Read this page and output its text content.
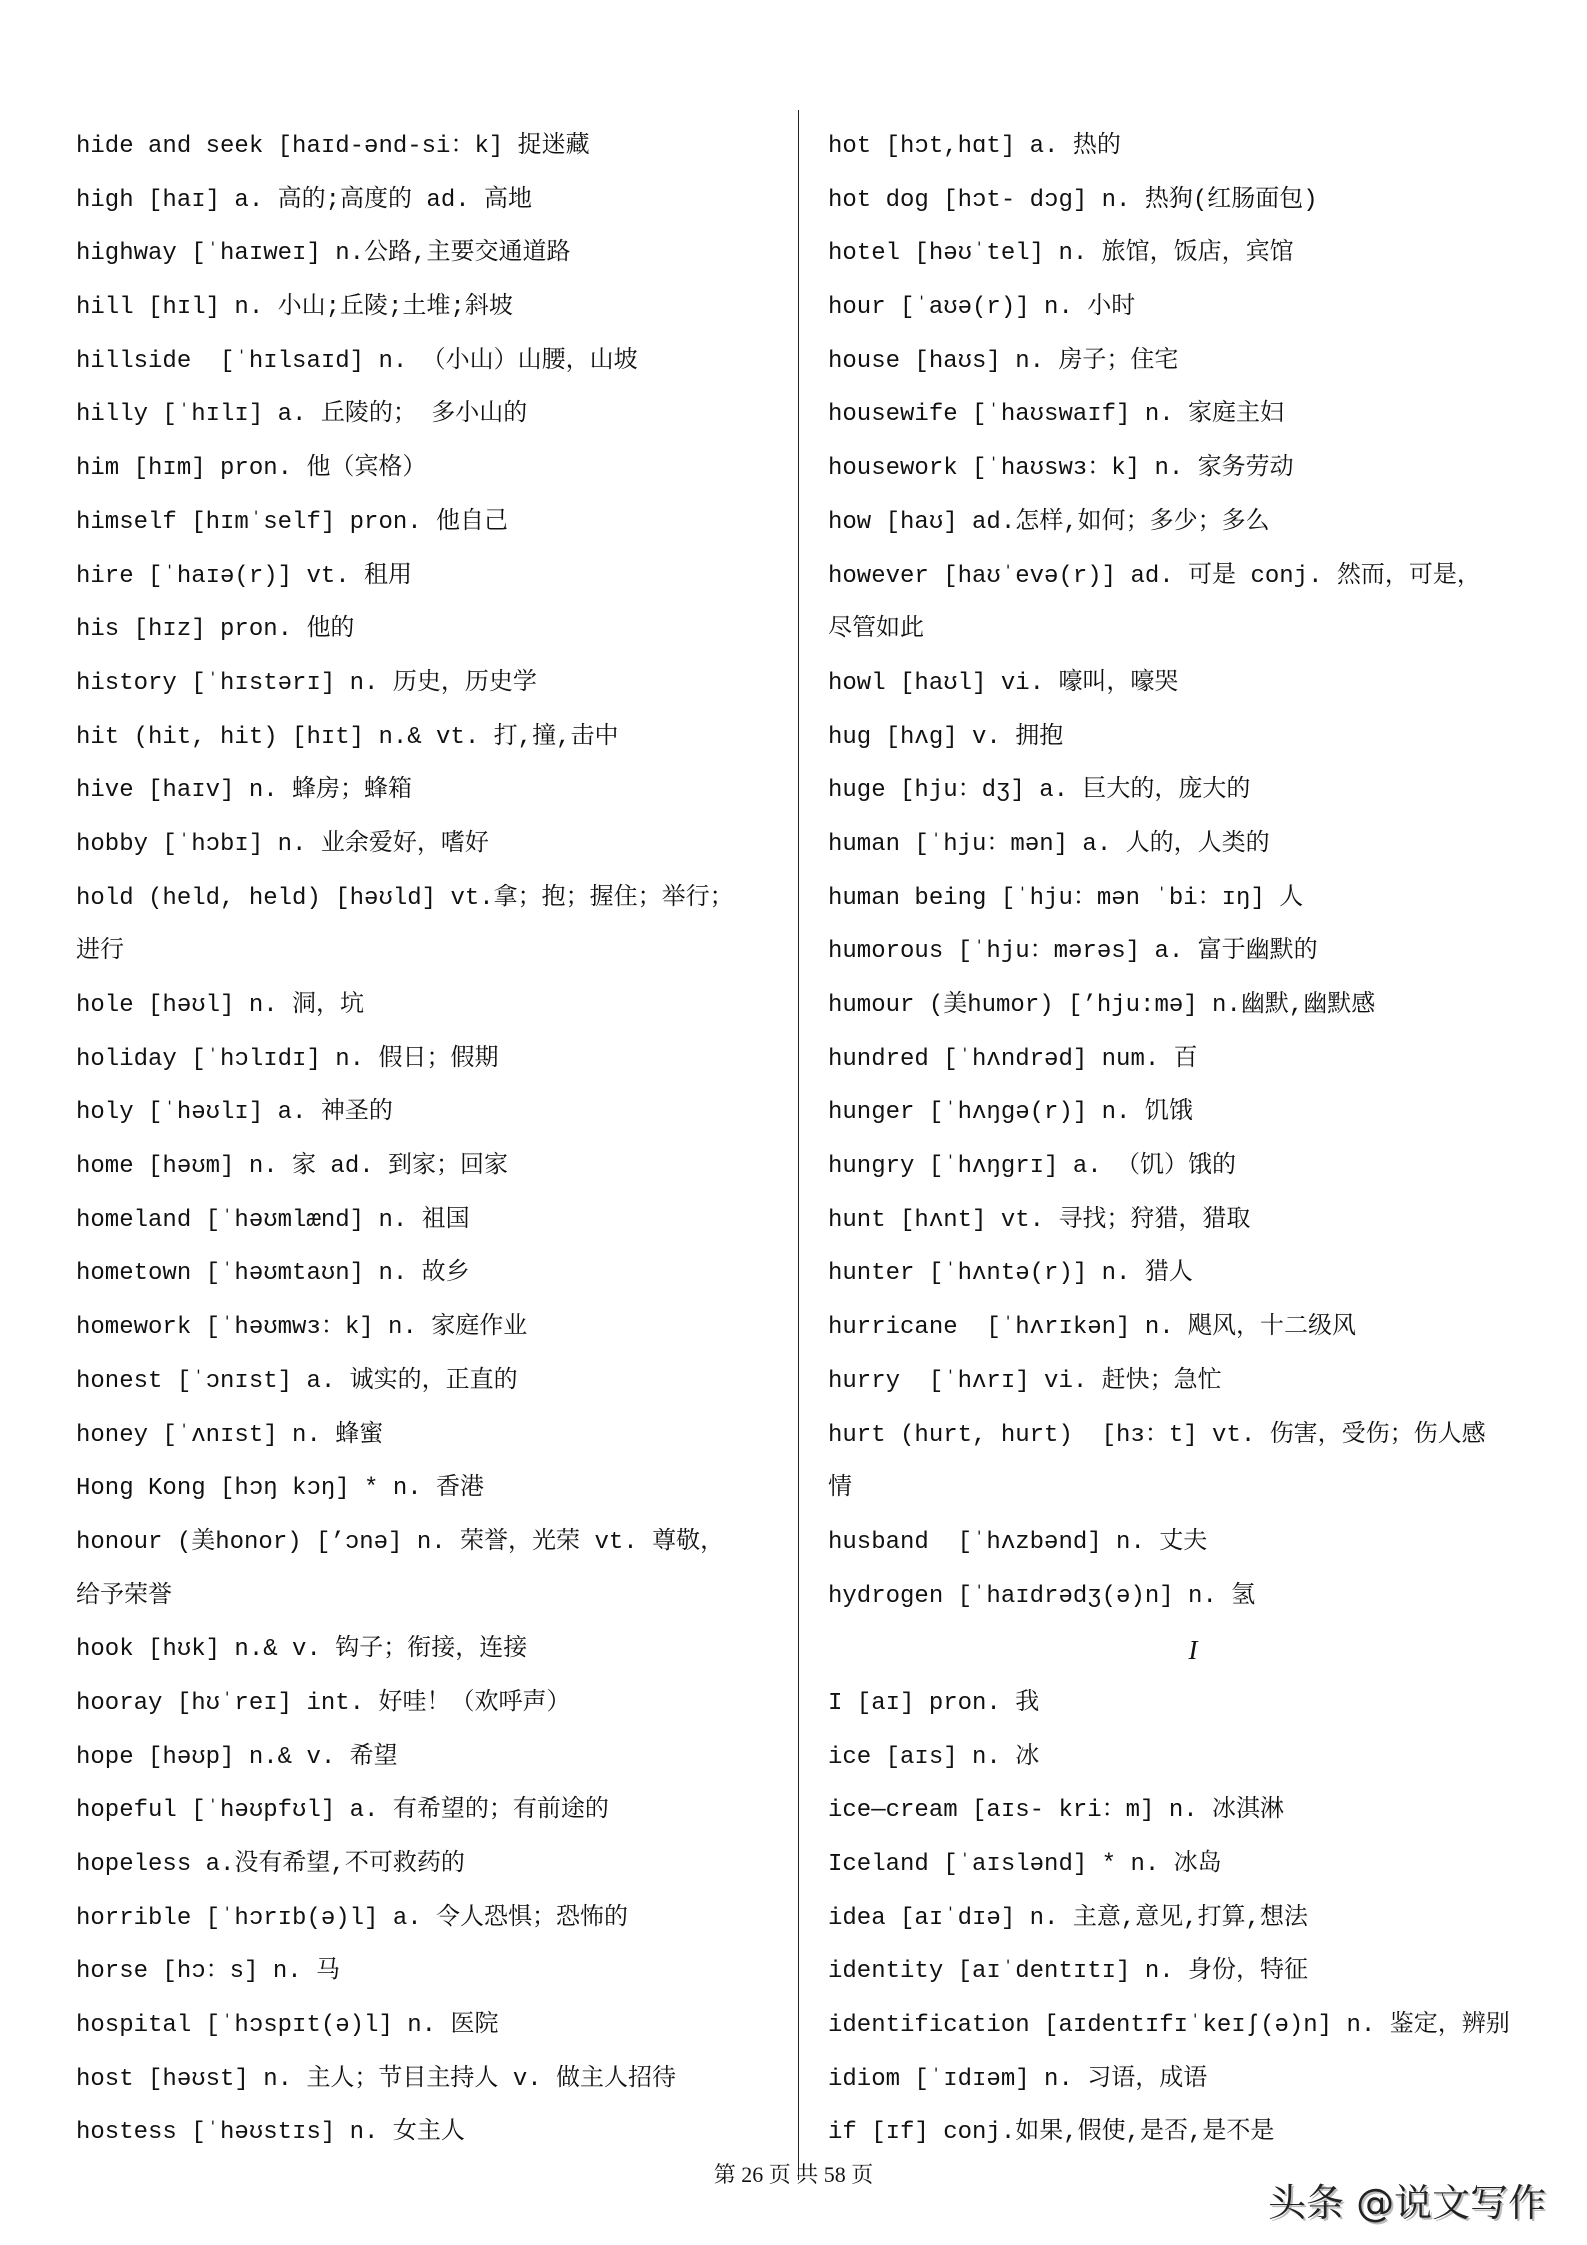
hide and seek [haɪd-ənd-si：k] 捉迷藏
high [haɪ] a. 高的;高度的 ad. 高地
highway [ˈhaɪweɪ] n.公路,主要交通道路
hill [hɪl] n. 小山;丘陵;土堆;斜坡
hillside  [ˈhɪlsaɪd] n. （小山）山腰，山坡
hilly [ˈhɪlɪ] a. 丘陵的； 多小山的
him [hɪm] pron. 他（宾格）
himself [hɪmˈself] pron. 他自己
hire [ˈhaɪə(r)] vt. 租用
his [hɪz] pron. 他的
history [ˈhɪstərɪ] n. 历史，历史学
hit (hit, hit) [hɪt] n.& vt. 打,撞,击中
hive [haɪv] n. 蜂房；蜂箱
hobby [ˈhɔbɪ] n. 业余爱好，嗜好
hold (held, held) [həʊld] vt.拿；抱；握住；举行；
进行
hole [həʊl] n. 洞，坑
holiday [ˈhɔlɪdɪ] n. 假日；假期
holy [ˈhəʊlɪ] a. 神圣的
home [həʊm] n. 家 ad. 到家；回家
homeland [ˈhəʊmlænd] n. 祖国
hometown [ˈhəʊmtaʊn] n. 故乡
homework [ˈhəʊmwɜ：k] n. 家庭作业
honest [ˈɔnɪst] a. 诚实的，正直的
honey [ˈʌnɪst] n. 蜂蜜
Hong Kong [hɔŋ kɔŋ] * n. 香港
honour (美honor) [’ɔnə] n. 荣誉，光荣 vt. 尊敬，
给予荣誉
hook [hʊk] n.& v. 钩子；衔接，连接
hooray [hʊˈreɪ] int. 好哇！（欢呼声）
hope [həʊp] n.& v. 希望
hopeful [ˈhəʊpfʊl] a. 有希望的；有前途的
hopeless a.没有希望,不可救药的
horrible [ˈhɔrɪb(ə)l] a. 令人恐惧；恐怖的
horse [hɔ：s] n. 马
hospital [ˈhɔspɪt(ə)l] n. 医院
host [həʊst] n. 主人；节目主持人 v. 做主人招待
hostess [ˈhəʊstɪs] n. 女主人
hot [hɔt,hɑt] a. 热的
hot dog [hɔt- dɔg] n. 热狗(红肠面包)
hotel [həʊˈtel] n. 旅馆，饭店，宾馆
hour [ˈaʊə(r)] n. 小时
house [haʊs] n. 房子；住宅
housewife [ˈhaʊswaɪf] n. 家庭主妇
housework [ˈhaʊswɜ：k] n. 家务劳动
how [haʊ] ad.怎样,如何；多少；多么
however [haʊˈevə(r)] ad. 可是 conj. 然而，可是，
尽管如此
howl [haʊl] vi. 嚎叫，嚎哭
hug [hʌg] v. 拥抱
huge [hju：dʒ] a. 巨大的，庞大的
human [ˈhju：mən] a. 人的，人类的
human being [ˈhju：mən ˈbi：ɪŋ] 人
humorous [ˈhju：mərəs] a. 富于幽默的
humour (美humor) [’hju:mə] n.幽默,幽默感
hundred [ˈhʌndrəd] num. 百
hunger [ˈhʌŋgə(r)] n. 饥饿
hungry [ˈhʌŋgrɪ] a. （饥）饿的
hunt [hʌnt] vt. 寻找；狩猎，猎取
hunter [ˈhʌntə(r)] n. 猎人
hurricane  [ˈhʌrɪkən] n. 飓风，十二级风
hurry  [ˈhʌrɪ] vi. 赶快；急忙
hurt (hurt, hurt)  [hɜ：t] vt. 伤害，受伤；伤人感
情
husband  [ˈhʌzbənd] n. 丈夫
hydrogen [ˈhaɪdrədʒ(ə)n] n. 氢
I
I [aɪ] pron. 我
ice [aɪs] n. 冰
ice—cream [aɪs- kri：m] n. 冰淇淋
Iceland [ˈaɪslənd] * n. 冰岛
idea [aɪˈdɪə] n. 主意,意见,打算,想法
identity [aɪˈdentɪtɪ] n. 身份，特征
identification [aɪdentɪfɪˈkeɪʃ(ə)n] n. 鉴定，辨别
idiom [ˈɪdɪəm] n. 习语，成语
if [ɪf] conj.如果,假使,是否,是不是
第 26 页 共 58 页
头条 @说文写作
